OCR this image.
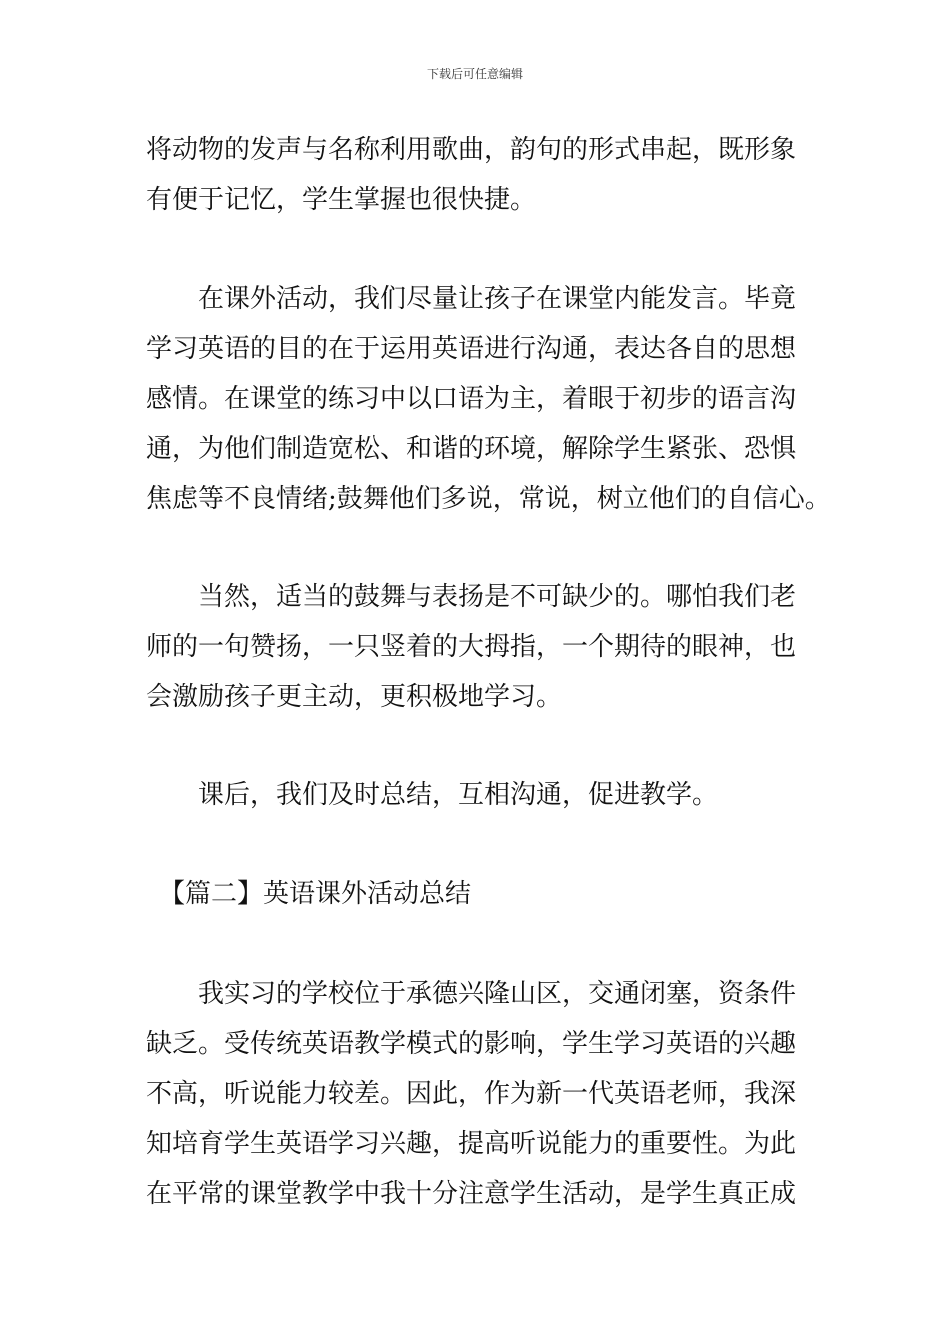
下载后可任意编辑
将动物的发声与名称利用歌曲，韵句的形式串起，既形象
有便于记忆，学生掌握也很快捷。
　　在课外活动，我们尽量让孩子在课堂内能发言。毕竟
学习英语的目的在于运用英语进行沟通，表达各自的思想
感情。在课堂的练习中以口语为主，着眼于初步的语言沟
通，为他们制造宽松、和谐的环境，解除学生紧张、恐惧
焦虑等不良情绪;鼓舞他们多说，常说，树立他们的自信心。
　　当然，适当的鼓舞与表扬是不可缺少的。哪怕我们老
师的一句赞扬，一只竖着的大拇指，一个期待的眼神，也
会激励孩子更主动，更积极地学习。
　　课后，我们及时总结，互相沟通，促进教学。
　【篇二】英语课外活动总结
　　我实习的学校位于承德兴隆山区，交通闭塞，资条件
缺乏。受传统英语教学模式的影响，学生学习英语的兴趣
不高，听说能力较差。因此，作为新一代英语老师，我深
知培育学生英语学习兴趣，提高听说能力的重要性。为此
在平常的课堂教学中我十分注意学生活动，是学生真正成
